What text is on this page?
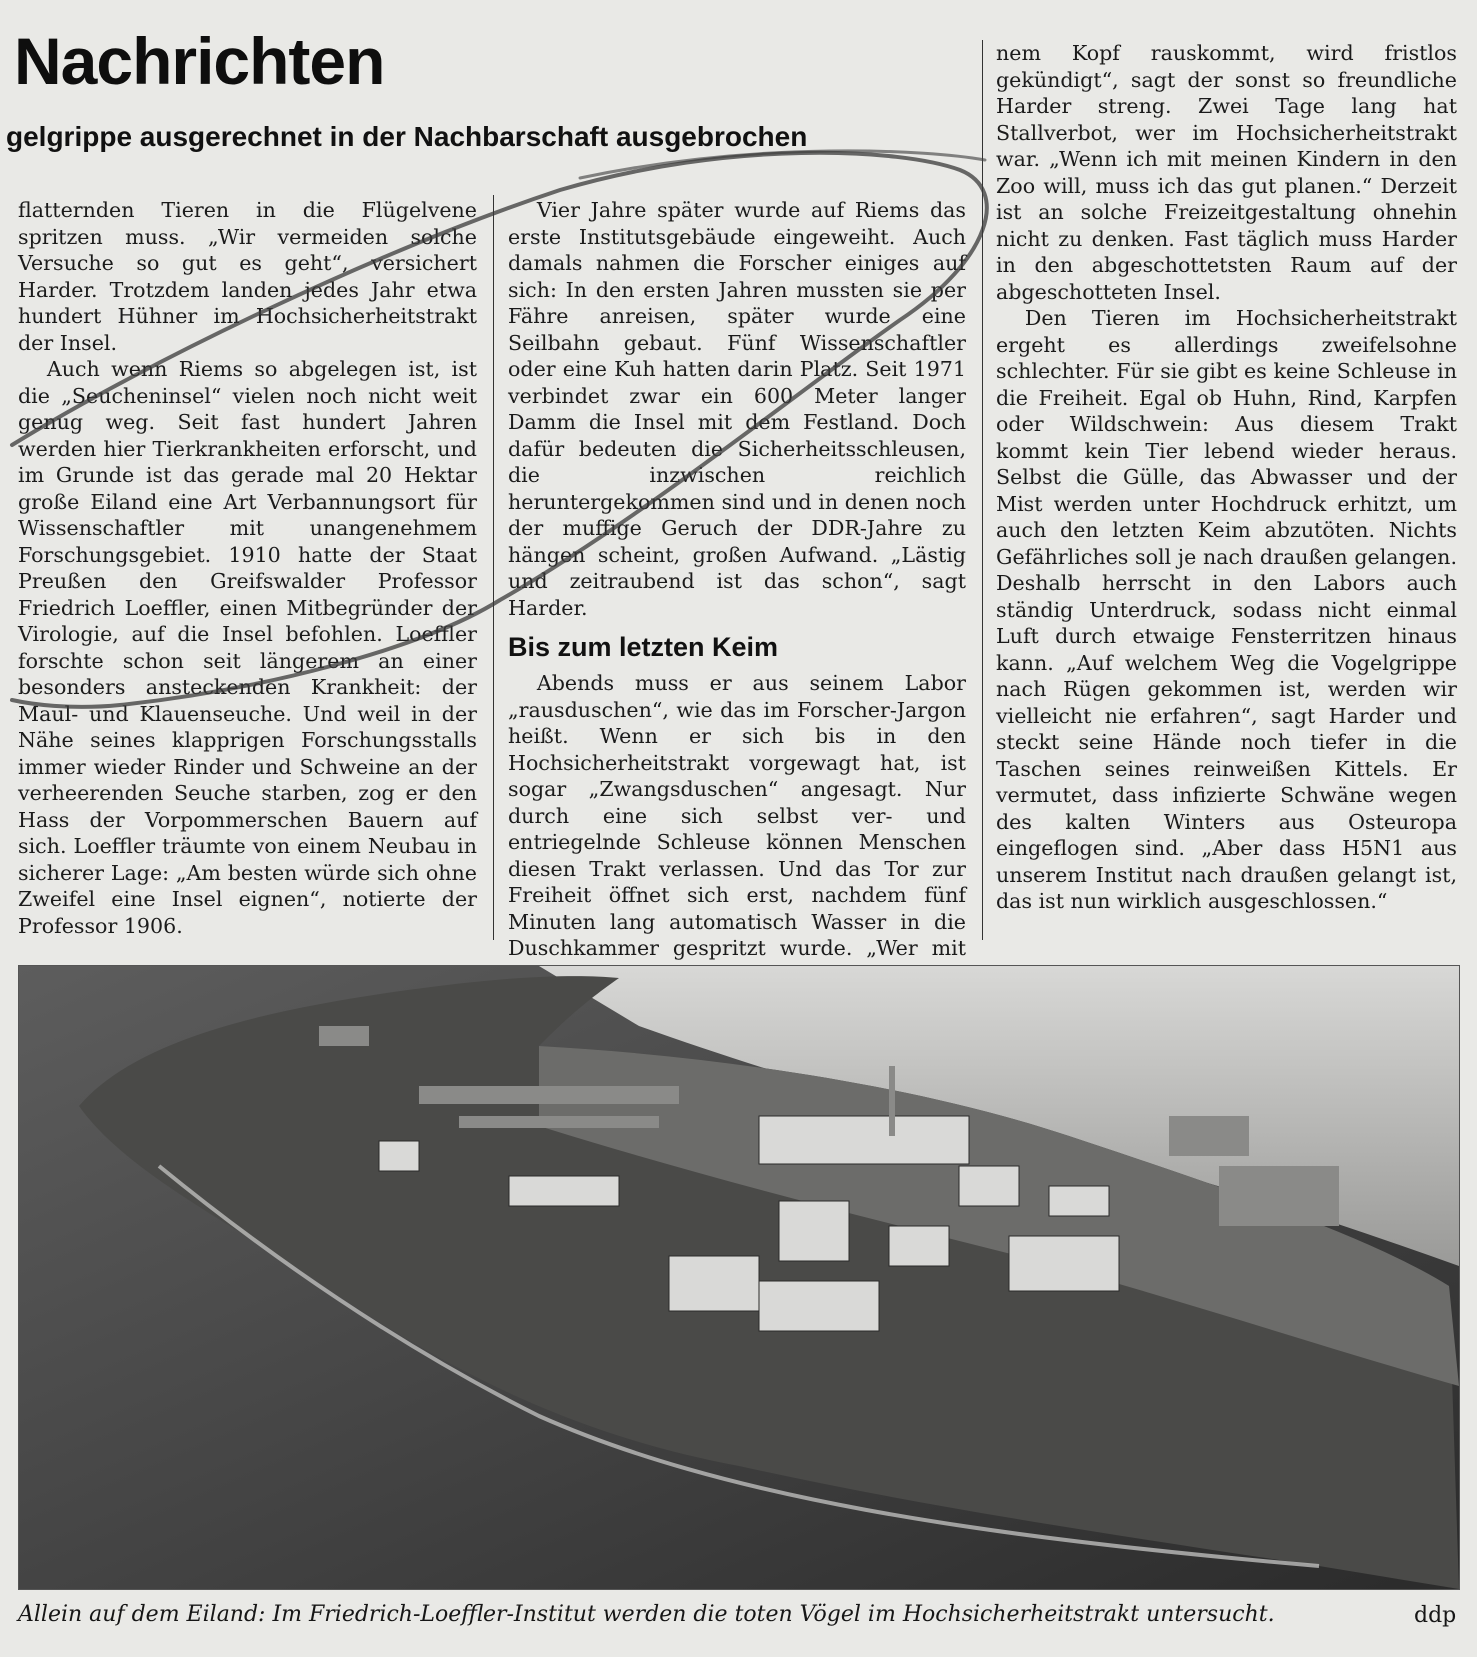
Nachrichten
gelgrippe ausgerechnet in der Nachbarschaft ausgebrochen

flatternden Tieren in die Flügelvene spritzen muss. „Wir vermeiden solche Versuche so gut es geht“, versichert Harder. Trotzdem landen jedes Jahr etwa hundert Hühner im Hochsicherheitstrakt der Insel.

Auch wenn Riems so abgelegen ist, ist die „Seucheninsel“ vielen noch nicht weit genug weg. Seit fast hundert Jahren werden hier Tierkrankheiten erforscht, und im Grunde ist das gerade mal 20 Hektar große Eiland eine Art Verbannungsort für Wissenschaftler mit unangenehmem Forschungsgebiet. 1910 hatte der Staat Preußen den Greifswalder Professor Friedrich Loeffler, einen Mitbegründer der Virologie, auf die Insel befohlen. Loeffler forschte schon seit längerem an einer besonders ansteckenden Krankheit: der Maul- und Klauenseuche. Und weil in der Nähe seines klapprigen Forschungsstalls immer wieder Rinder und Schweine an der verheerenden Seuche starben, zog er den Hass der Vorpommerschen Bauern auf sich. Loeffler träumte von einem Neubau in sicherer Lage: „Am besten würde sich ohne Zweifel eine Insel eignen“, notierte der Professor 1906.

Vier Jahre später wurde auf Riems das erste Institutsgebäude eingeweiht. Auch damals nahmen die Forscher einiges auf sich: In den ersten Jahren mussten sie per Fähre anreisen, später wurde eine Seilbahn gebaut. Fünf Wissenschaftler oder eine Kuh hatten darin Platz. Seit 1971 verbindet zwar ein 600 Meter langer Damm die Insel mit dem Festland. Doch dafür bedeuten die Sicherheitsschleusen, die inzwischen reichlich heruntergekommen sind und in denen noch der muffige Geruch der DDR-Jahre zu hängen scheint, großen Aufwand. „Lästig und zeitraubend ist das schon“, sagt Harder.

Bis zum letzten Keim

Abends muss er aus seinem Labor „rausduschen“, wie das im Forscher-Jargon heißt. Wenn er sich bis in den Hochsicherheitstrakt vorgewagt hat, ist sogar „Zwangsduschen“ angesagt. Nur durch eine sich selbst ver- und entriegelnde Schleuse können Menschen diesen Trakt verlassen. Und das Tor zur Freiheit öffnet sich erst, nachdem fünf Minuten lang automatisch Wasser in die Duschkammer gespritzt wurde. „Wer mit

nem Kopf rauskommt, wird fristlos gekündigt“, sagt der sonst so freundliche Harder streng. Zwei Tage lang hat Stallverbot, wer im Hochsicherheitstrakt war. „Wenn ich mit meinen Kindern in den Zoo will, muss ich das gut planen.“ Derzeit ist an solche Freizeitgestaltung ohnehin nicht zu denken. Fast täglich muss Harder in den abgeschottetsten Raum auf der abgeschotteten Insel.

Den Tieren im Hochsicherheitstrakt ergeht es allerdings zweifelsohne schlechter. Für sie gibt es keine Schleuse in die Freiheit. Egal ob Huhn, Rind, Karpfen oder Wildschwein: Aus diesem Trakt kommt kein Tier lebend wieder heraus. Selbst die Gülle, das Abwasser und der Mist werden unter Hochdruck erhitzt, um auch den letzten Keim abzutöten. Nichts Gefährliches soll je nach draußen gelangen. Deshalb herrscht in den Labors auch ständig Unterdruck, sodass nicht einmal Luft durch etwaige Fensterritzen hinaus kann. „Auf welchem Weg die Vogelgrippe nach Rügen gekommen ist, werden wir vielleicht nie erfahren“, sagt Harder und steckt seine Hände noch tiefer in die Taschen seines reinweißen Kittels. Er vermutet, dass infizierte Schwäne wegen des kalten Winters aus Osteuropa eingeflogen sind. „Aber dass H5N1 aus unserem Institut nach draußen gelangt ist, das ist nun wirklich ausgeschlossen.“

Allein auf dem Eiland: Im Friedrich-Loeffler-Institut werden die toten Vögel im Hochsicherheitstrakt untersucht.	ddp
